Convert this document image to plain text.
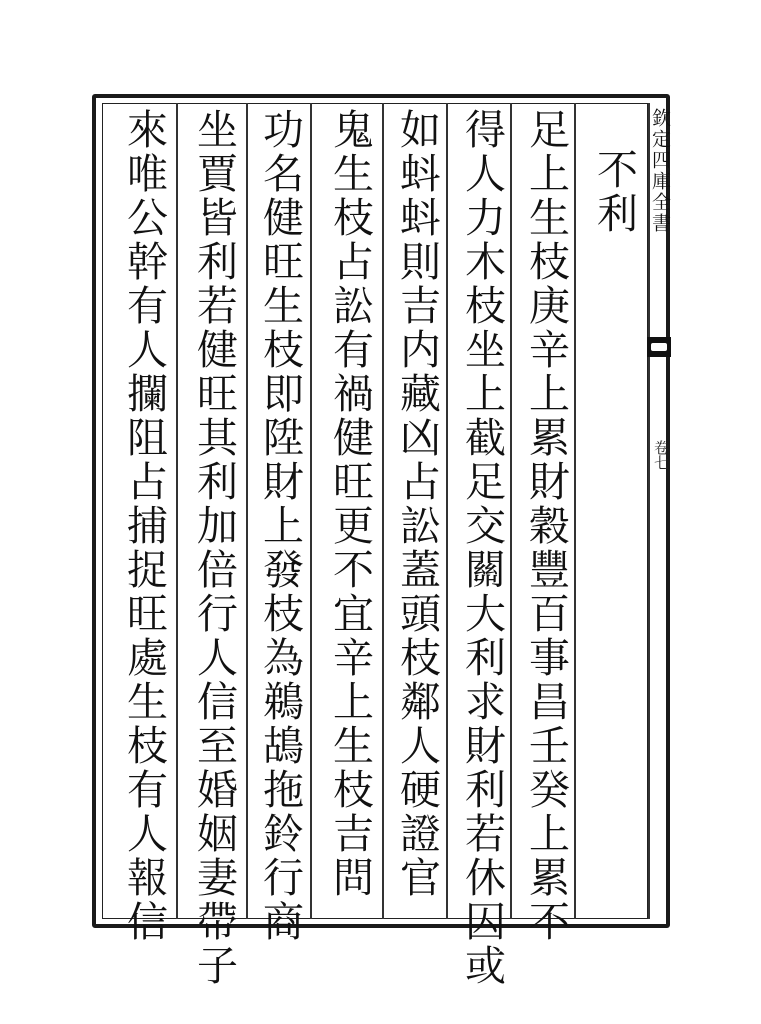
欽定四庫全書
卷七
不利
足上生枝庚辛上累財穀豐百事昌壬癸上累不
得人力木枝坐上截足交關大利求財利若休囚或
如蚪蚪則吉内藏凶占訟蓋頭枝鄰人硬證官
鬼生枝占訟有禍健旺更不宜辛上生枝吉問
功名健旺生枝即陞財上發枝為鵜鴣拖鈴行商
坐賈皆利若健旺其利加倍行人信至婚姻妻帶子
來唯公幹有人攔阻占捕捉旺處生枝有人報信
